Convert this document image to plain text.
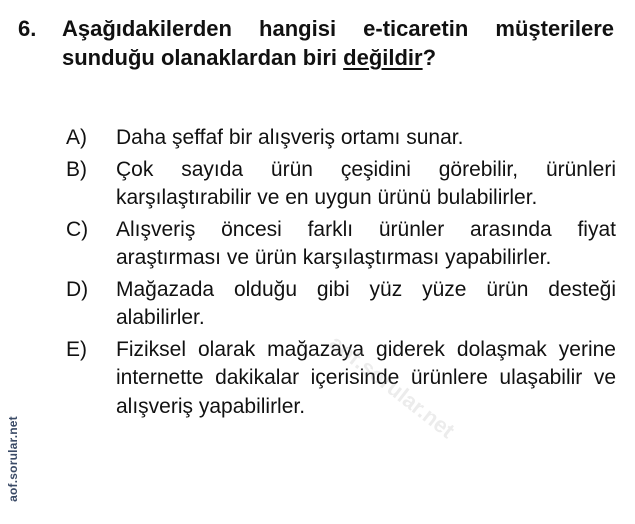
6. Aşağıdakilerden hangisi e-ticaretin müşterilere sunduğu olanaklardan biri değildir?
A) Daha şeffaf bir alışveriş ortamı sunar.
B) Çok sayıda ürün çeşidini görebilir, ürünleri karşılaştırabilir ve en uygun ürünü bulabilirler.
C) Alışveriş öncesi farklı ürünler arasında fiyat araştırması ve ürün karşılaştırması yapabilirler.
D) Mağazada olduğu gibi yüz yüze ürün desteği alabilirler.
E) Fiziksel olarak mağazaya giderek dolaşmak yerine internette dakikalar içerisinde ürünlere ulaşabilir ve alışveriş yapabilirler.
aof.sorular.net
aof.sorular.net
